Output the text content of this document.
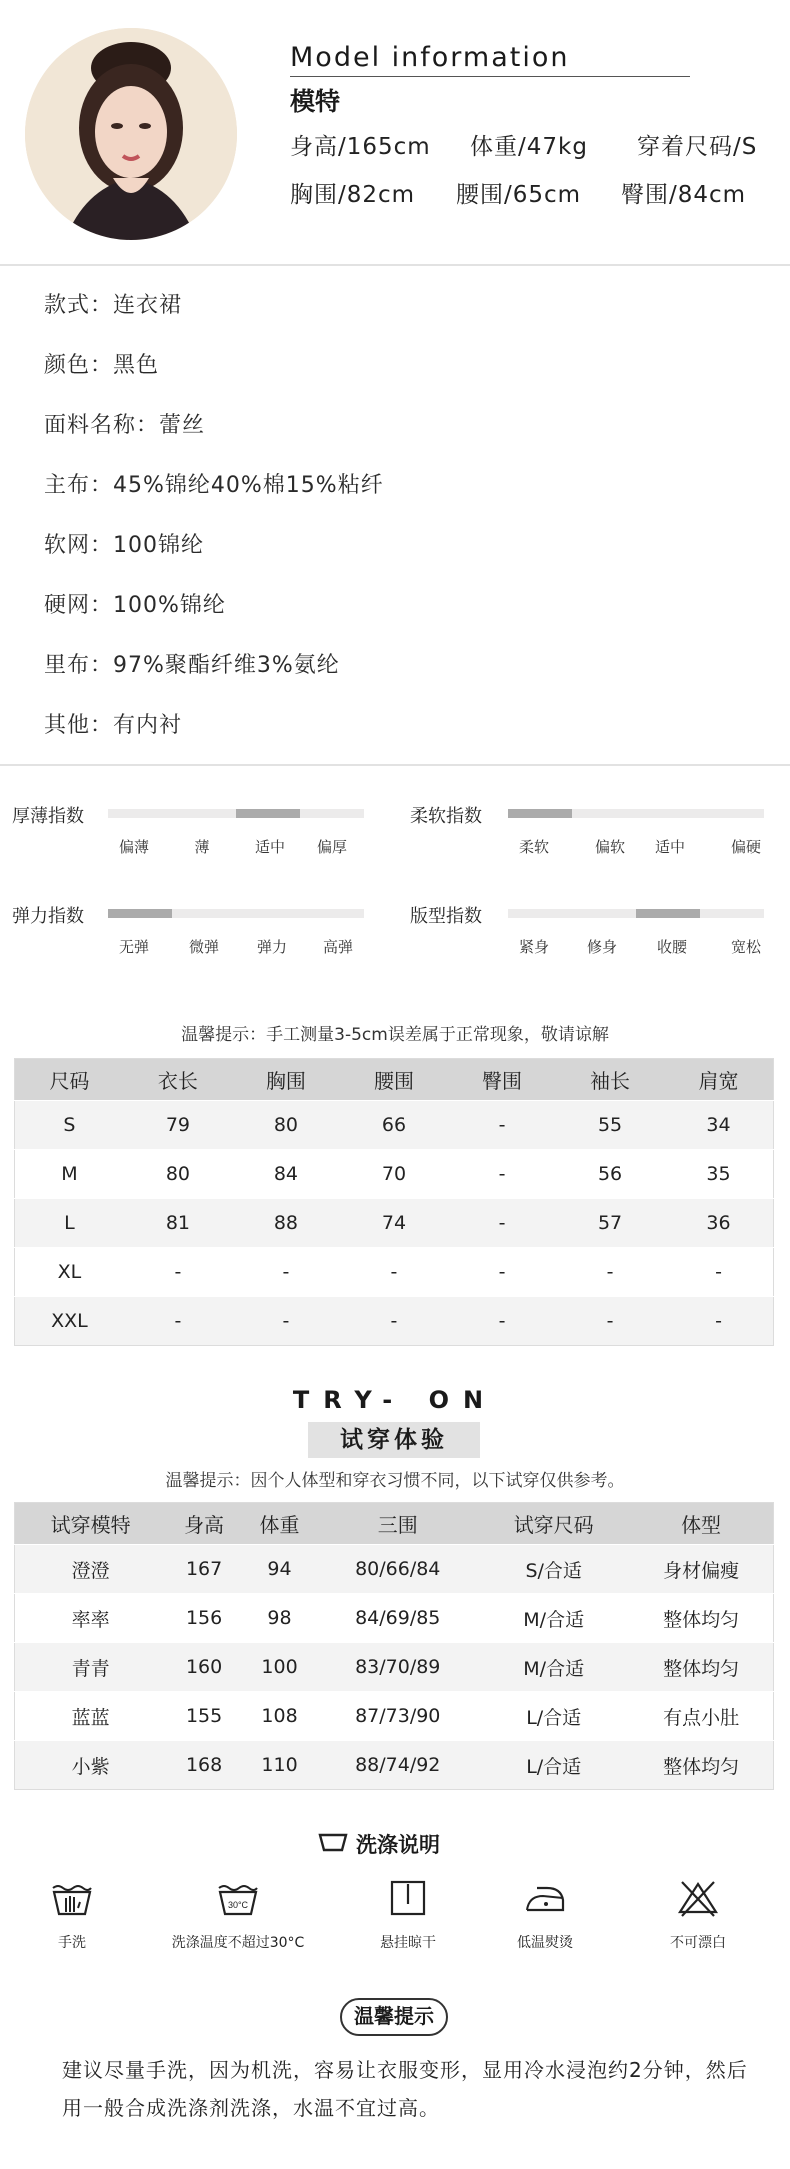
Model information
模特
身高/165cm 体重/47kg 穿着尺码/S
胸围/82cm 腰围/65cm 臀围/84cm
款式：连衣裙
颜色：黑色
面料名称：蕾丝
主布：45%锦纶40%棉15%粘纤
软网：100锦纶
硬网：100%锦纶
里布：97%聚酯纤维3%氨纶
其他：有内衬
厚薄指数
偏薄	薄	适中 偏厚
柔软指数
柔软	偏软 适中	偏硬
弹力指数
无弹	微弹	弹力 高弹
版型指数
紧身	修身	收腰	宽松
温馨提示：手工测量3-5cm误差属于正常现象，敬请谅解
尺码	衣长	胸围	腰围	臀围	袖长	肩宽
S	79	80	66	-	55	34
M	80	84	70	-	56	35
L	81	88	74	-	57	36
XL	-	-	-	-	-	-
XXL	-	-	-	-	-	-
TRY- ON
试穿体验
温馨提示：因个人体型和穿衣习惯不同，以下试穿仅供参考。
试穿模特	身高	体重	三围	试穿尺码	体型
澄澄	167	94	80/66/84	S/合适	身材偏瘦
率率	156	98	84/69/85	M/合适	整体均匀
青青	160	100	83/70/89	M/合适	整体均匀
蓝蓝	155	108	87/73/90	L/合适	有点小肚
小紫	168	110	88/74/92	L/合适	整体均匀
洗涤说明
手洗
30°C
洗涤温度不超过30°C	悬挂晾干	低温熨烫	不可漂白
温馨提示
建议尽量手洗，因为机洗，容易让衣服变形，显用冷水浸泡约2分钟，然后
用一般合成洗涤剂洗涤，水温不宜过高。
